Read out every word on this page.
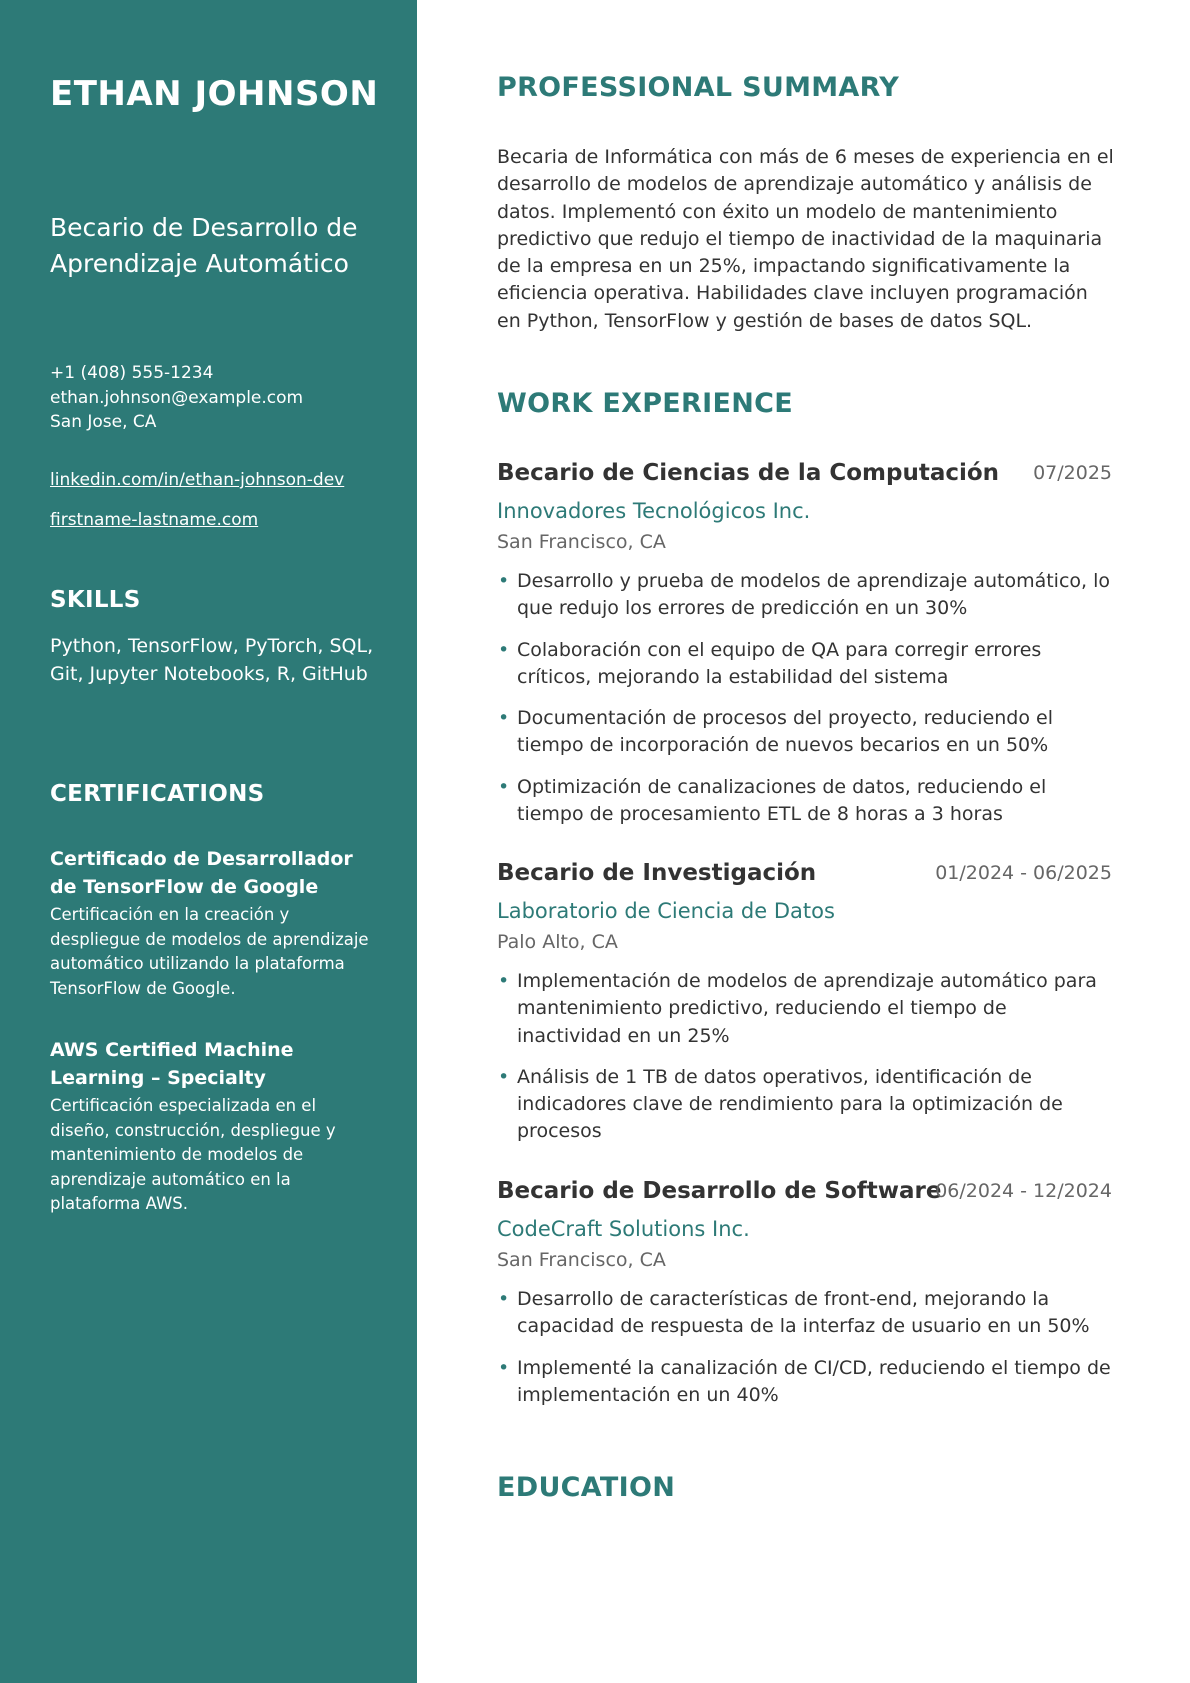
ETHAN JOHNSON
Becario de Desarrollo de
Aprendizaje Automático
+1 (408) 555-1234
ethan.johnson@example.com
San Jose, CA
linkedin.com/in/ethan-johnson-dev
firstname-lastname.com
SKILLS

Python, TensorFlow, PyTorch, SQL, Git, Jupyter Notebooks, R, GitHub

CERTIFICATIONS
Certificado de Desarrollador de TensorFlow de Google
Certificación en la creación y despliegue de modelos de aprendizaje automático utilizando la plataforma TensorFlow de Google.
AWS Certified Machine Learning – Specialty
Certificación especializada en el diseño, construcción, despliegue y mantenimiento de modelos de aprendizaje automático en la plataforma AWS.
PROFESSIONAL SUMMARY

Becaria de Informática con más de 6 meses de experiencia en el desarrollo de modelos de aprendizaje automático y análisis de datos. Implementó con éxito un modelo de mantenimiento predictivo que redujo el tiempo de inactividad de la maquinaria de la empresa en un 25%, impactando significativamente la eficiencia operativa. Habilidades clave incluyen programación en Python, TensorFlow y gestión de bases de datos SQL.

WORK EXPERIENCE
Becario de Ciencias de la Computación	07/2025
Innovadores Tecnológicos Inc.
San Francisco, CA
• Desarrollo y prueba de modelos de aprendizaje automático, lo que redujo los errores de predicción en un 30%
• Colaboración con el equipo de QA para corregir errores críticos, mejorando la estabilidad del sistema
• Documentación de procesos del proyecto, reduciendo el tiempo de incorporación de nuevos becarios en un 50%
• Optimización de canalizaciones de datos, reduciendo el tiempo de procesamiento ETL de 8 horas a 3 horas
Becario de Investigación	01/2024 - 06/2025
Laboratorio de Ciencia de Datos
Palo Alto, CA
• Implementación de modelos de aprendizaje automático para mantenimiento predictivo, reduciendo el tiempo de inactividad en un 25%
• Análisis de 1 TB de datos operativos, identificación de indicadores clave de rendimiento para la optimización de procesos
Becario de Desarrollo de Software
06/2024 - 12/2024
CodeCraft Solutions Inc.
San Francisco, CA
• Desarrollo de características de front-end, mejorando la capacidad de respuesta de la interfaz de usuario en un 50%
• Implementé la canalización de CI/CD, reduciendo el tiempo de implementación en un 40%
EDUCATION
